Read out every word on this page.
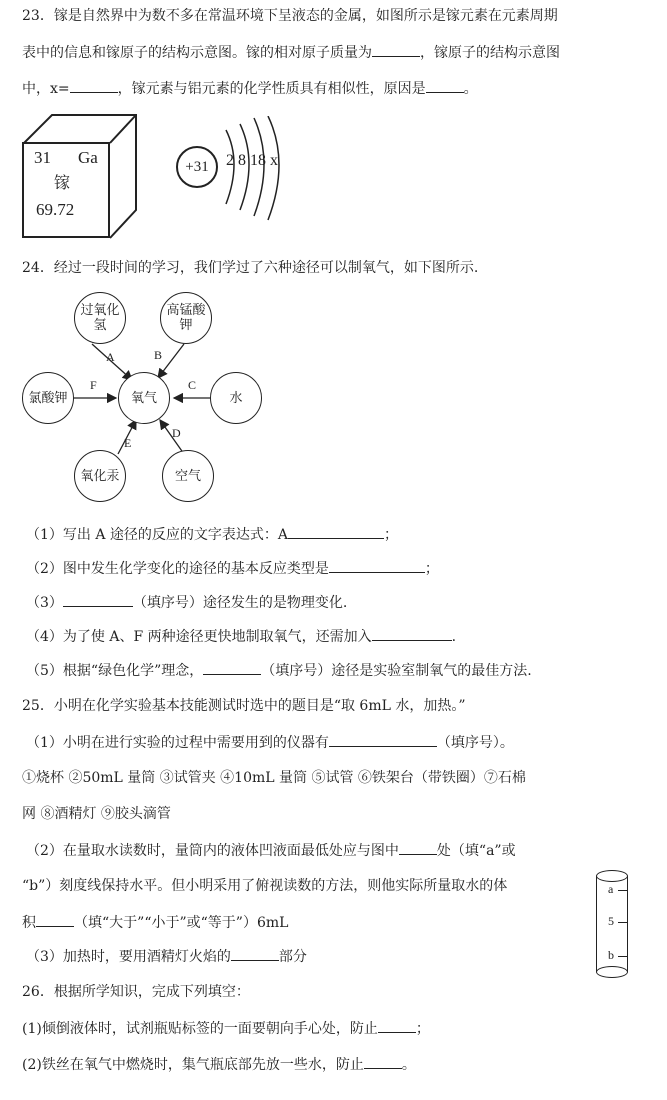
23．镓是自然界中为数不多在常温环境下呈液态的金属，如图所示是镓元素在元素周期
表中的信息和镓原子的结构示意图。镓的相对原子质量为	，镓原子的结构示意图
中，x=	，镓元素与铝元素的化学性质具有相似性，原因是	。
31 Ga
镓
69.72
+31	2 8 18 x
24．经过一段时间的学习，我们学过了六种途径可以制氧气，如下图所示.
过氧化氢
高锰酸钾
氯酸钾	氧气	水
氧化汞	空气
A	B
F	C
E
D
（1）写出 A 途径的反应的文字表达式：A	；
（2）图中发生化学变化的途径的基本反应类型是	；
（3）	（填序号）途径发生的是物理变化.
（4）为了使 A、F 两种途径更快地制取氧气，还需加入	.
（5）根据“绿色化学”理念，	（填序号）途径是实验室制氧气的最佳方法.
25．小明在化学实验基本技能测试时选中的题目是“取 6mL 水，加热。”
（1）小明在进行实验的过程中需要用到的仪器有	（填序号）。
①烧杯 ②50mL 量筒 ③试管夹 ④10mL 量筒 ⑤试管 ⑥铁架台（带铁圈）⑦石棉
网 ⑧酒精灯 ⑨胶头滴管
（2）在量取水读数时，量筒内的液体凹液面最低处应与图中	处（填“a”或
“b”）刻度线保持水平。但小明采用了俯视读数的方法，则他实际所量取水的体
积	（填“大于”“小于”或“等于”）6mL
（3）加热时，要用酒精灯火焰的	部分
a
5
b
26．根据所学知识，完成下列填空：
(1)倾倒液体时，试剂瓶贴标签的一面要朝向手心处，防止	；
(2)铁丝在氧气中燃烧时，集气瓶底部先放一些水，防止	。
